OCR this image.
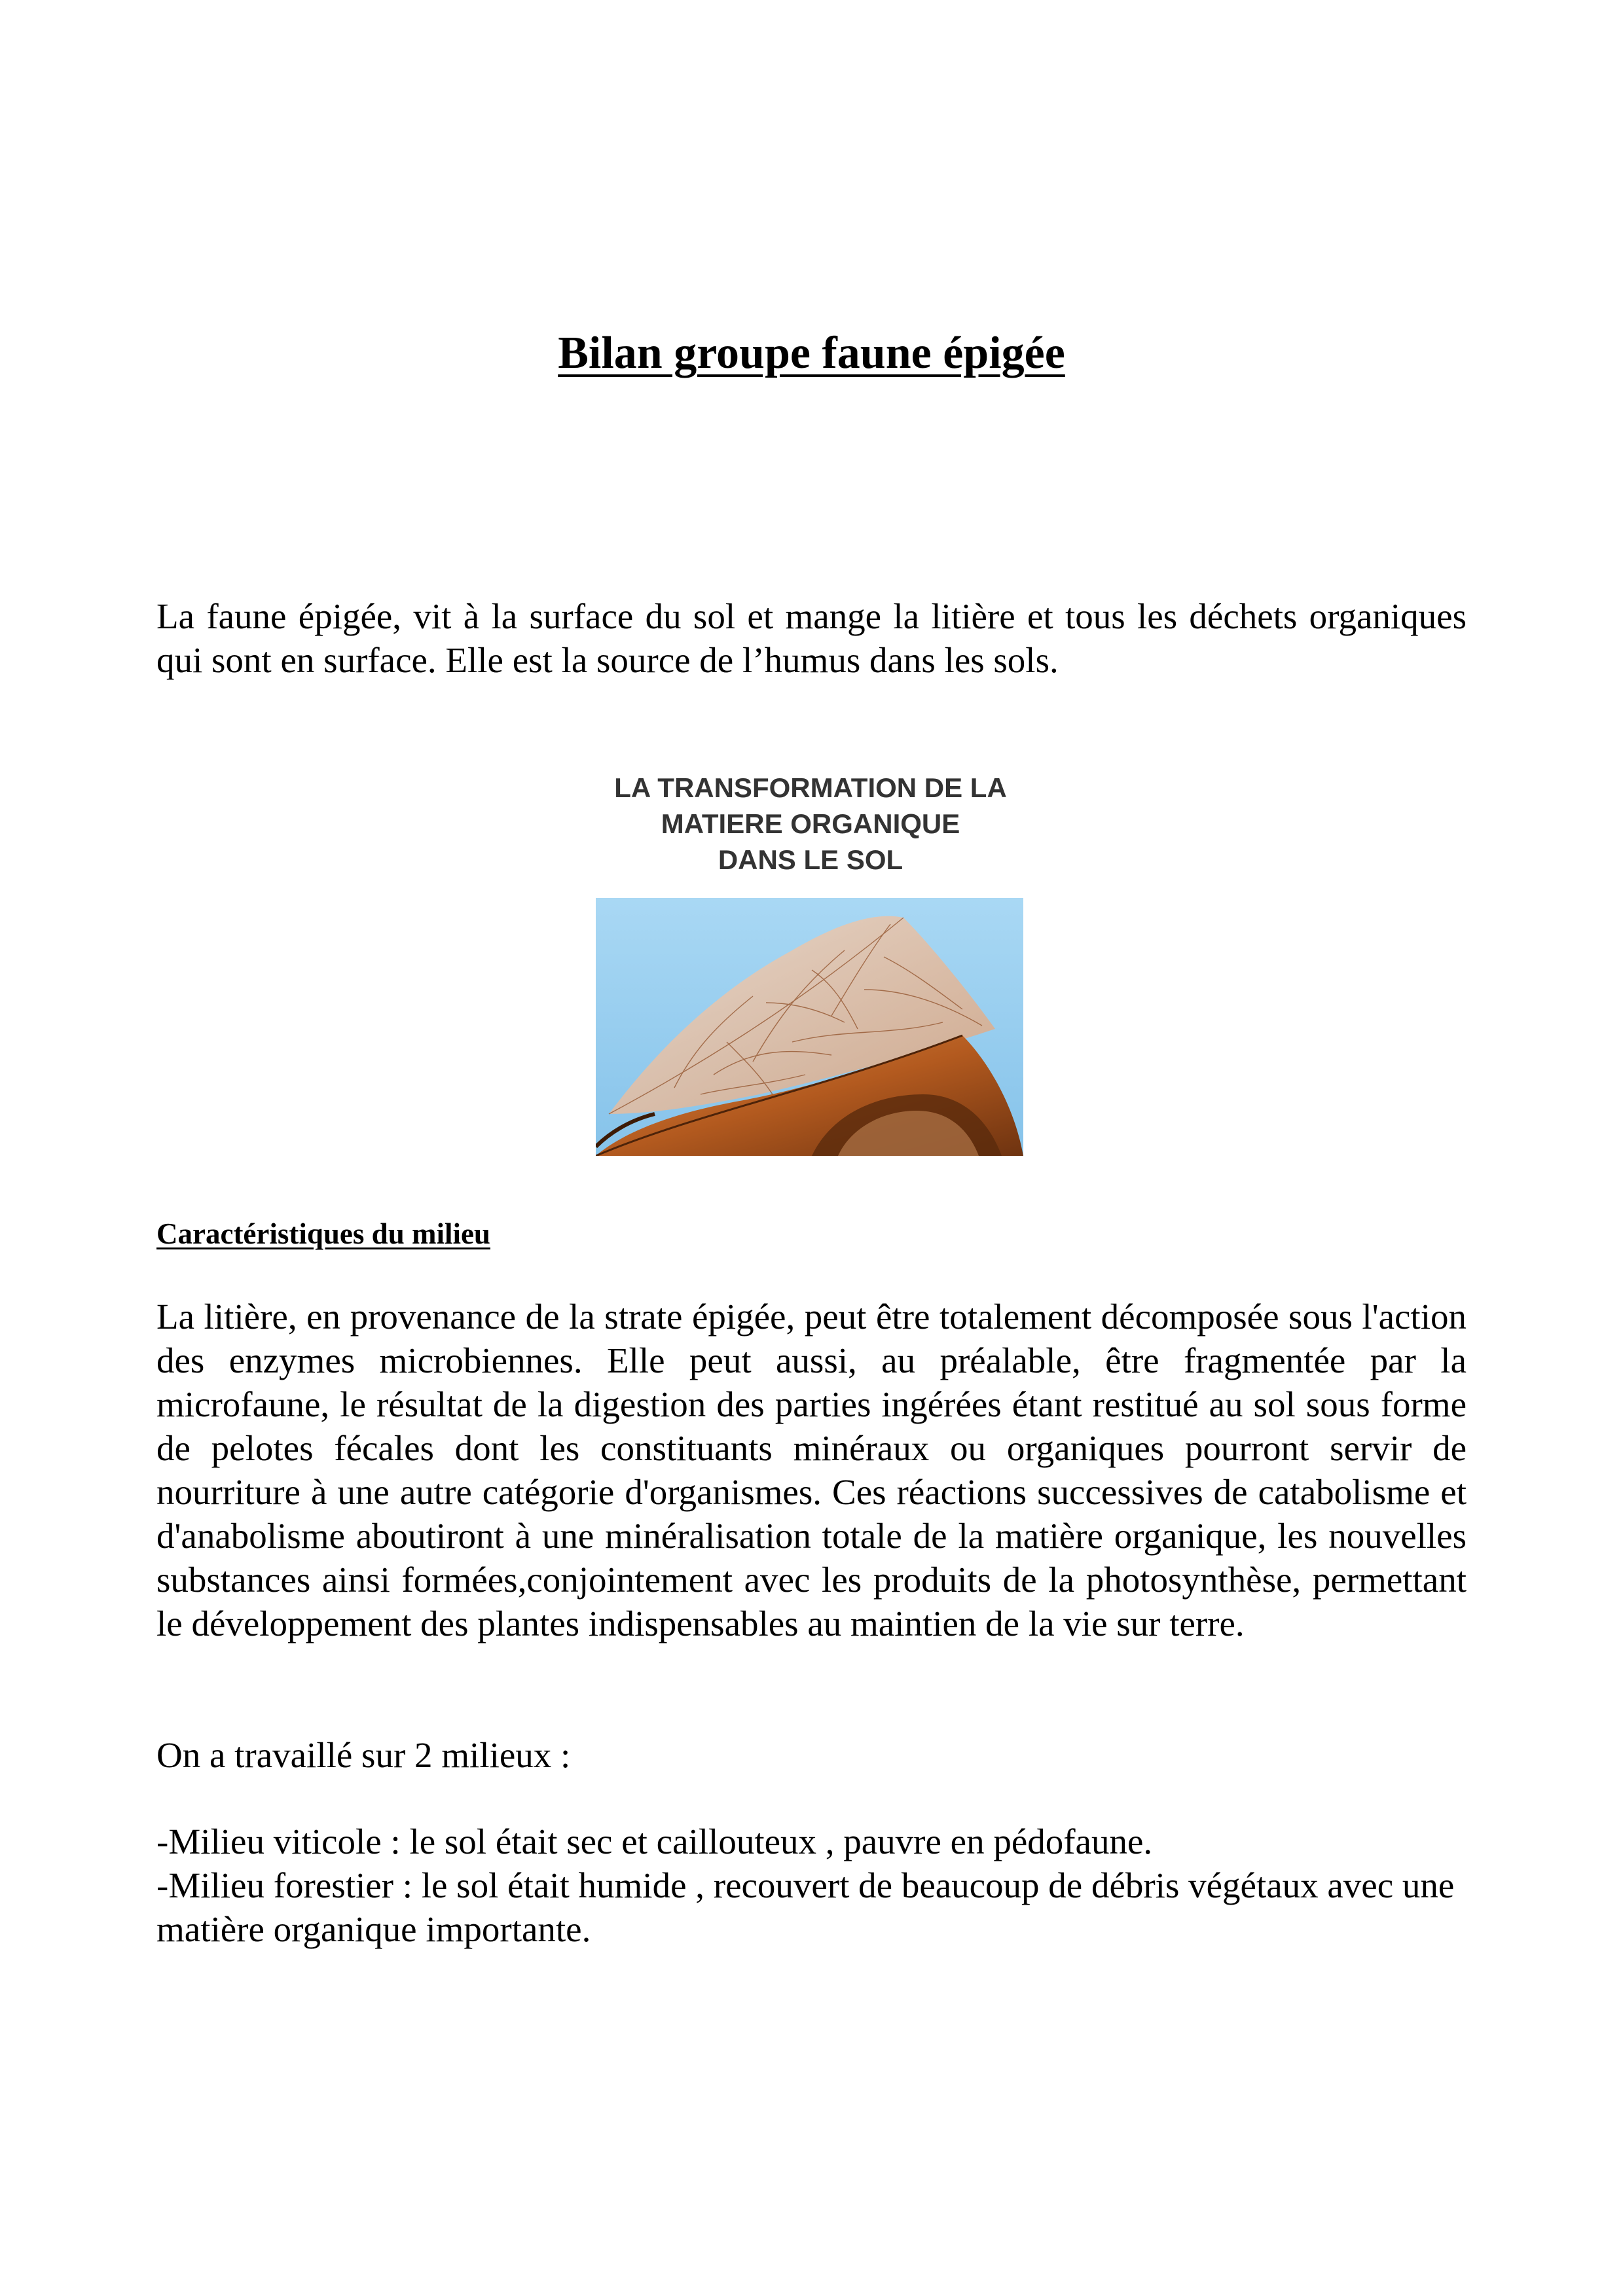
Bilan groupe faune épigée

La faune épigée, vit à la surface du sol et mange la litière et tous les déchets organiques qui sont en surface. Elle est la source de l’humus dans les sols.

LA TRANSFORMATION DE LA
MATIERE ORGANIQUE
DANS LE SOL
Caractéristiques du milieu

La litière, en provenance de la strate épigée, peut être totalement décomposée sous l'action des enzymes microbiennes. Elle peut aussi, au préalable, être fragmentée par la microfaune, le résultat de la digestion des parties ingérées étant restitué au sol sous forme de pelotes fécales dont les constituants minéraux ou organiques pourront servir de nourriture à une autre catégorie d'organismes. Ces réactions successives de catabolisme et d'anabolisme aboutiront à une minéralisation totale de la matière organique, les nouvelles substances ainsi formées,conjointement avec les produits de la photosynthèse, permettant le développement des plantes indispensables au maintien de la vie sur terre.

On a travaillé sur 2 milieux :

-Milieu viticole : le sol était sec et caillouteux , pauvre en pédofaune.
-Milieu forestier : le sol était humide , recouvert de beaucoup de débris végétaux avec une matière organique importante.
